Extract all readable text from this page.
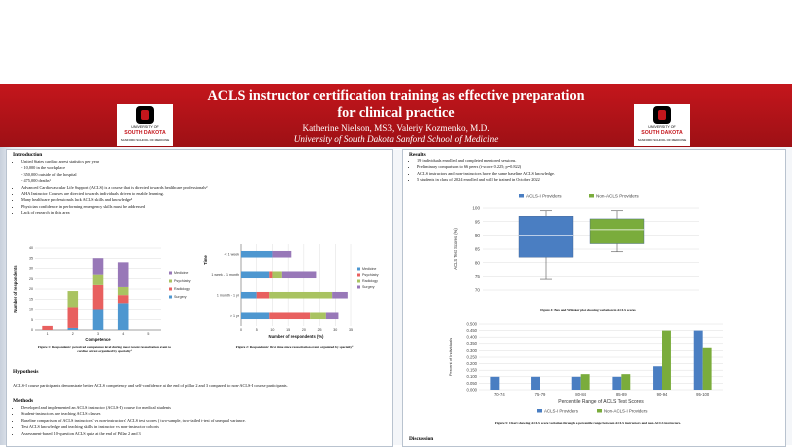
ACLS instructor certification training as effective preparation
for clinical practice
Katherine Nielson, MS3, Valeriy Kozmenko, M.D.
University of South Dakota Sanford School of Medicine
UNIVERSITY OF
SOUTH DAKOTA
SANFORD SCHOOL OF MEDICINE
UNIVERSITY OF
SOUTH DAKOTA
SANFORD SCHOOL OF MEDICINE
Introduction
• United States cardiac arrest statistics per year
- 10,000 in the workplace
- 350,000 outside of the hospital
- 475,000 deaths¹
• Advanced Cardiovascular Life Support (ACLS) is a course that is directed towards healthcare professionals²
• AHA Instructor Courses are directed towards individuals driven to enable learning.
• Many healthcare professionals lack ACLS skills and knowledge³
• Physician confidence in performing emergency skills must be addressed
• Lack of research in this area
0
5
10
15
20
25
30
35
40
1	2	3	4	5
Competence
Number of respondents	Medicine
Psychiatry
Radiology
Surgery
Figure 1: Respondents' perceived competence level during most recent resuscitation event to cardiac arrest organized by specialty⁴
0	5	10	15	20	25	30	35
< 1 week
1 week - 1 month
1 month - 1 yr
> 1 yr
Number of respondents (%)
Time
Medicine
Psychiatry
Radiology
Surgery
Figure 2: Respondents' first time since resuscitation event organized by specialty⁴
Hypothesis
ACLS-I course participants demonstrate better ACLS competency and self-confidence at the end of pillar 2 and 3 compared to non-ACLS-I course participants.
Methods
• Developed and implemented an ACLS instructor (ACLS-I) course for medical students
• Student-instructors are teaching ACLS classes
• Baseline comparison of ACLS instructors' vs non-instructors' ACLS test scores ( two-sample, two-tailed t-test of unequal variance.
• Test ACLS knowledge and teaching skills in instructor vs non-instructor cohorts
• Assessment-based 10-question ACLS quiz at the end of Pillar 2 and 3
Results
• 19 individuals enrolled and completed mentored sessions.
• Preliminary comparison to 66 peers (t-score 0.225; p=0.822)
• ACLS instructors and non-instructors have the same baseline ACLS knowledge.
• 5 students in class of 2024 enrolled and will be trained in October 2022
70
75
80
85
90
95
100
ACLS Test Scores (%)
ACLS-I Providers	Non-ACLS Providers
Figure 4: Box and Whisker plot showing variation in ACLS scores
0.000
0.050
0.100
0.150
0.200
0.250
0.300
0.350
0.400
0.450
0.500
Percent of Individuals
70-74	75-79	80-84	85-89	90-94	95-100
Percentile Range of ACLS Test Scores
ACLS-I Providers	Non-ACLS-I Providers
Figure 5: Chart showing ACLS score variation through a percentile range between ACLS instructors and non-ACLS instructors.
Discussion
